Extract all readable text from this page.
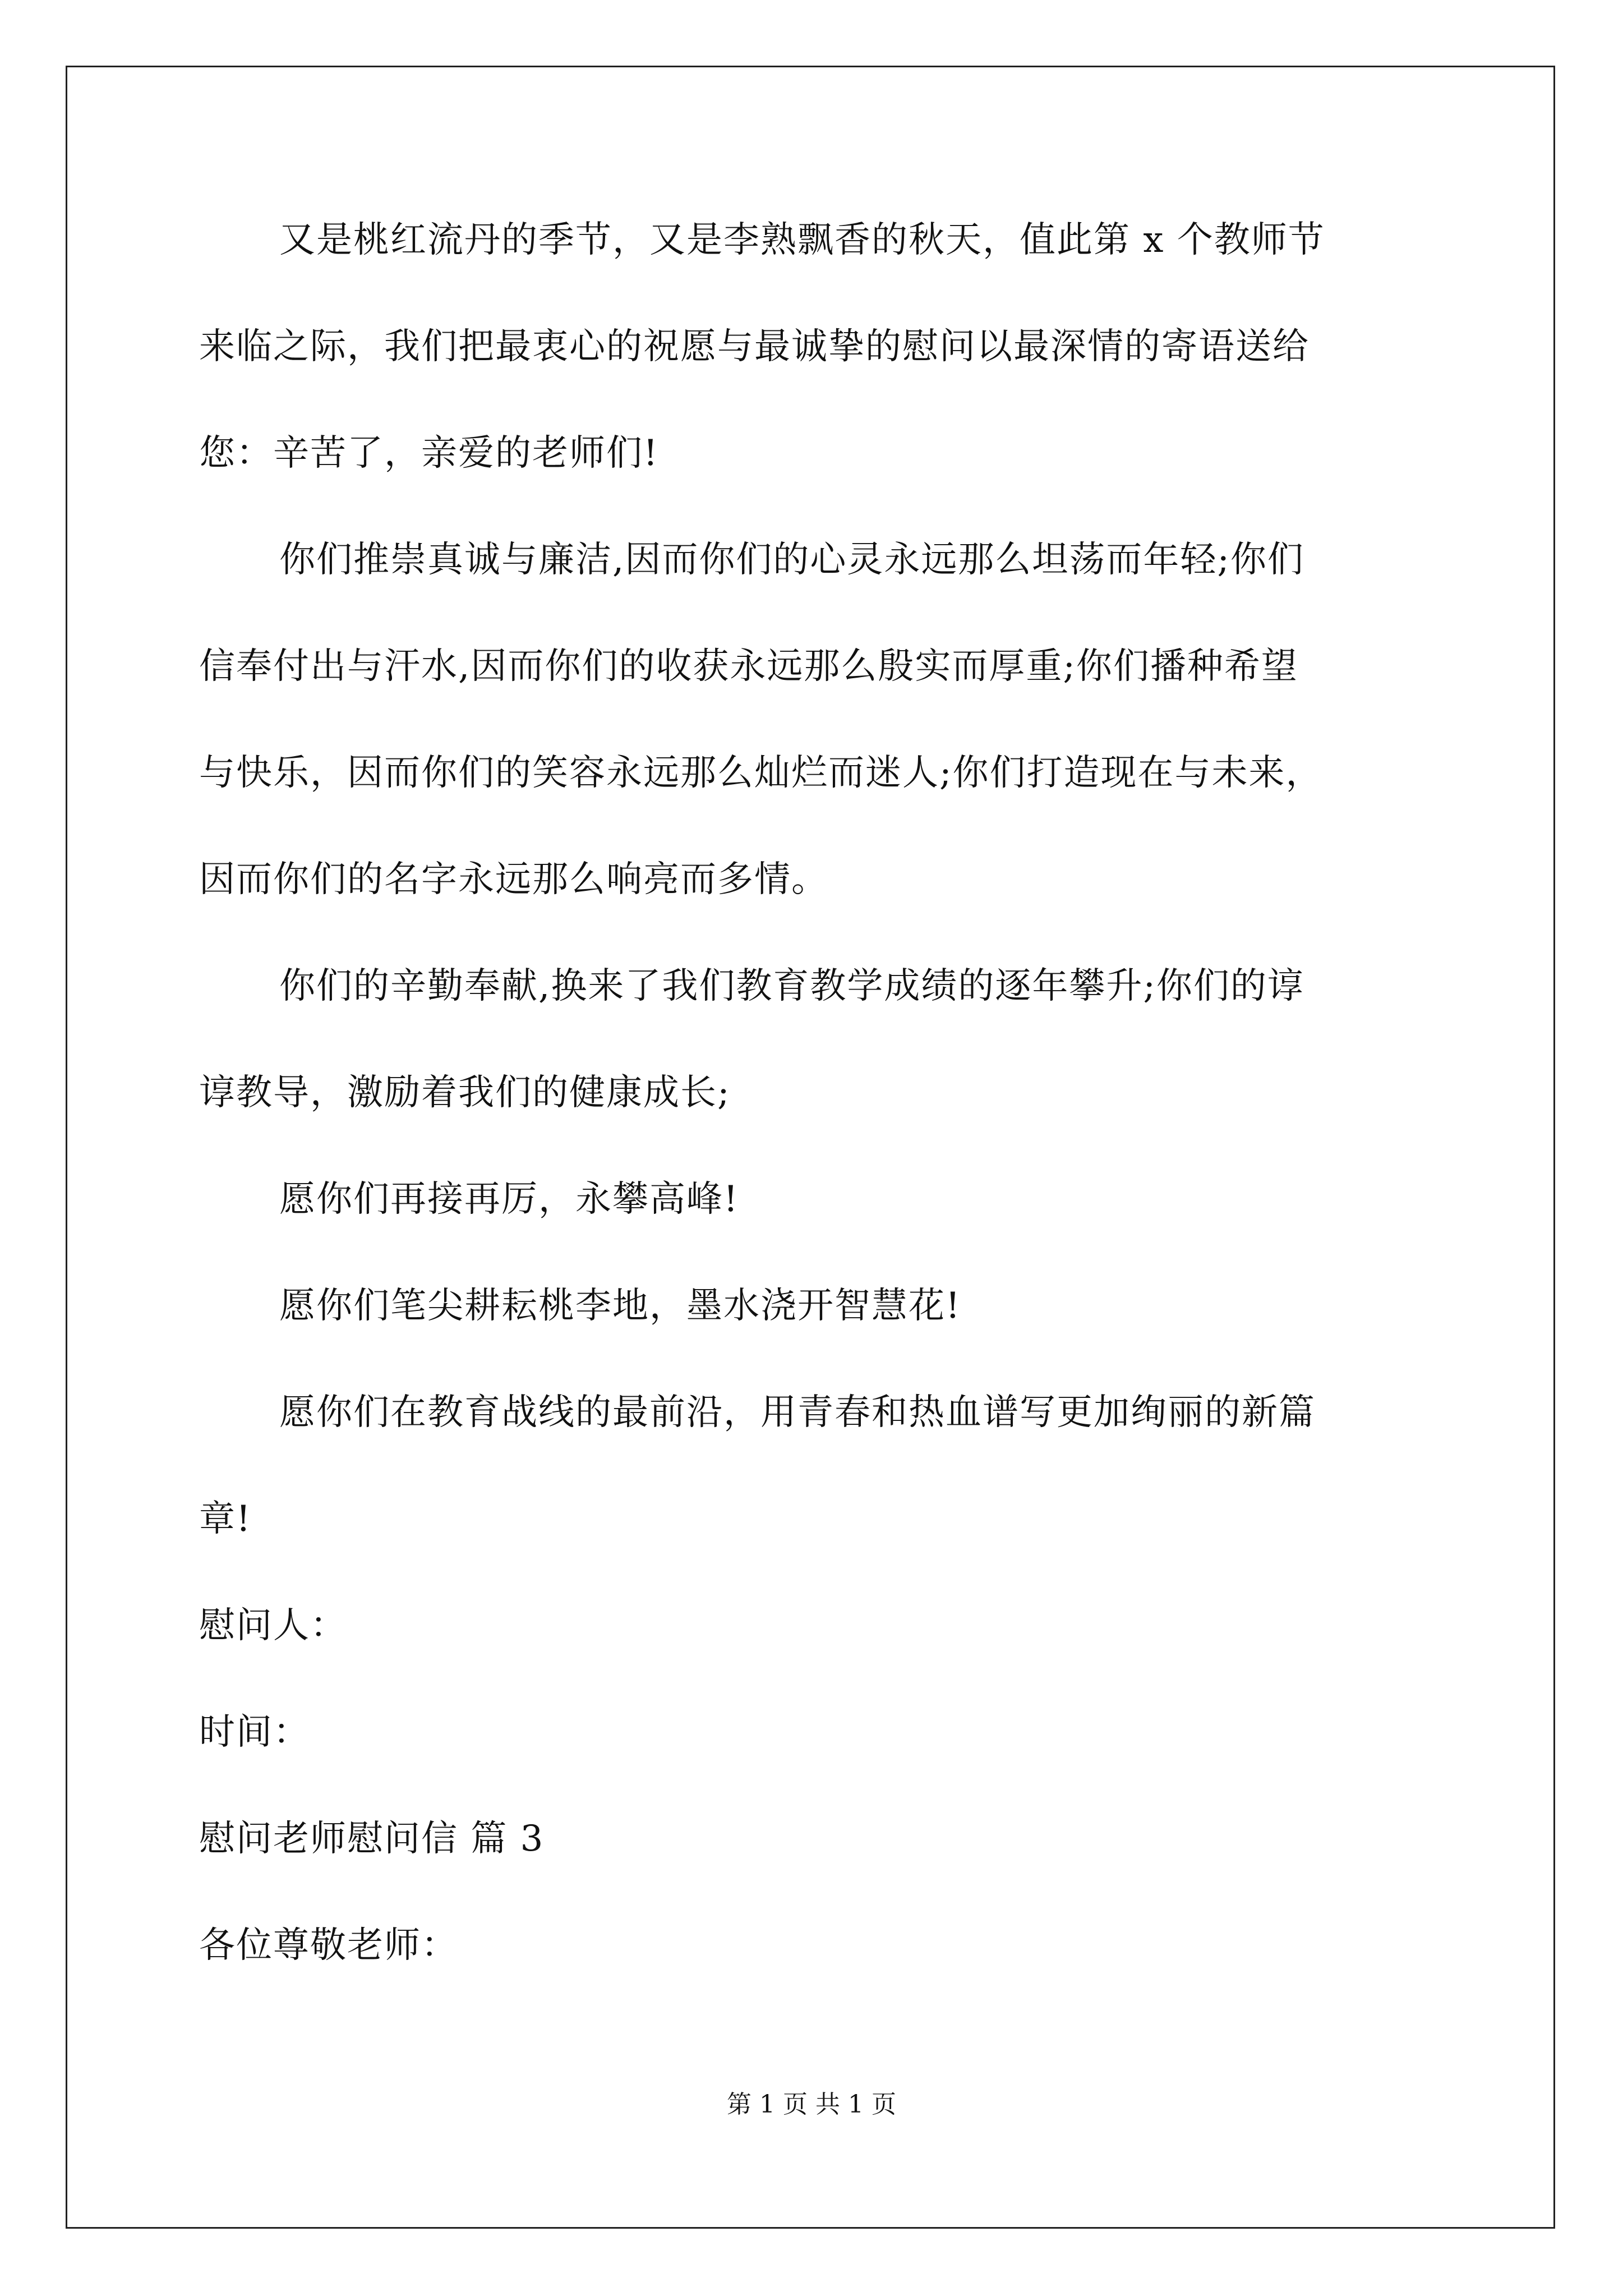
又是桃红流丹的季节，又是李熟飘香的秋天，值此第 x 个教师节
来临之际，我们把最衷心的祝愿与最诚挚的慰问以最深情的寄语送给
您：辛苦了，亲爱的老师们!
你们推崇真诚与廉洁,因而你们的心灵永远那么坦荡而年轻;你们
信奉付出与汗水,因而你们的收获永远那么殷实而厚重;你们播种希望
与快乐，因而你们的笑容永远那么灿烂而迷人;你们打造现在与未来，
因而你们的名字永远那么响亮而多情。
你们的辛勤奉献,换来了我们教育教学成绩的逐年攀升;你们的谆
谆教导，激励着我们的健康成长;
愿你们再接再厉，永攀高峰!
愿你们笔尖耕耘桃李地，墨水浇开智慧花!
愿你们在教育战线的最前沿，用青春和热血谱写更加绚丽的新篇
章!
慰问人：
时间：
慰问老师慰问信 篇 3
各位尊敬老师：
第 1 页 共 1 页
